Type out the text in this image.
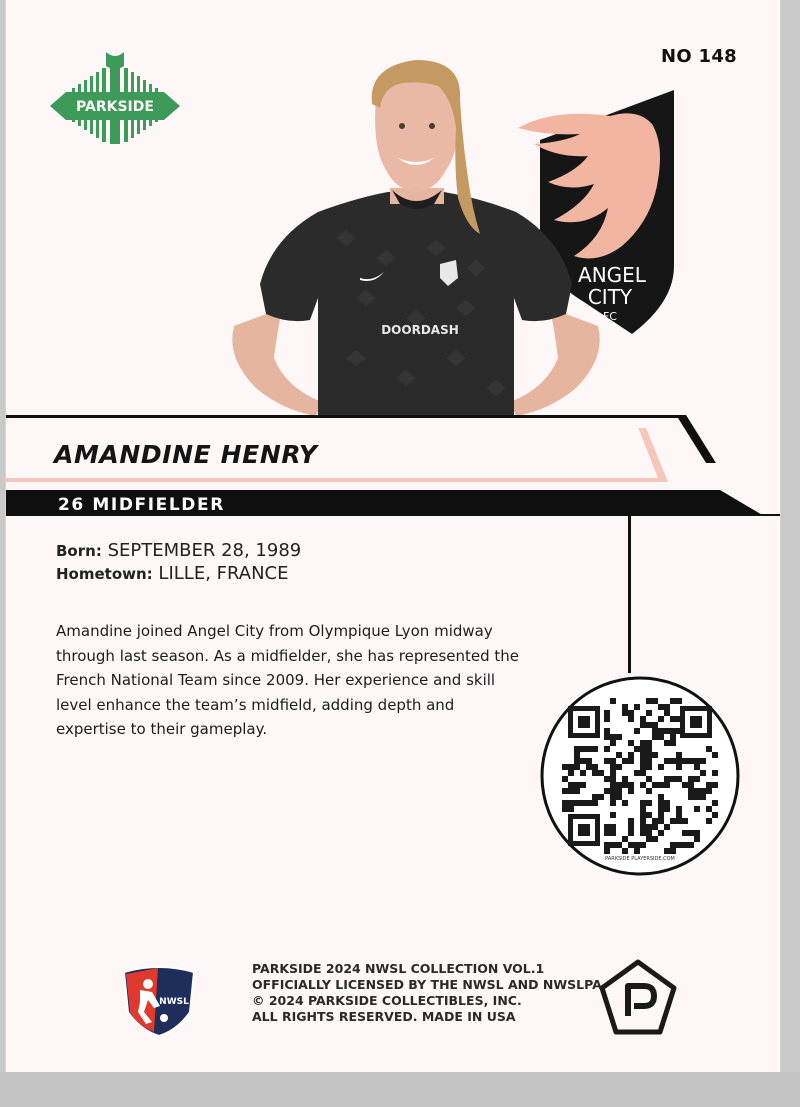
PARKSIDE
NO 148
ANGEL
CITY
FC
DOORDASH
AMANDINE HENRY
26 MIDFIELDER
Born: SEPTEMBER 28, 1989
Hometown: LILLE, FRANCE
Amandine joined Angel City from Olympique Lyon midway through last season. As a midfielder, she has represented the French National Team since 2009. Her experience and skill level enhance the team’s midfield, adding depth and expertise to their gameplay.
PARKSIDE PLAYERSIDE.COM
NWSL
PARKSIDE 2024 NWSL COLLECTION VOL.1
OFFICIALLY LICENSED BY THE NWSL AND NWSLPA
© 2024 PARKSIDE COLLECTIBLES, INC.
ALL RIGHTS RESERVED. MADE IN USA
